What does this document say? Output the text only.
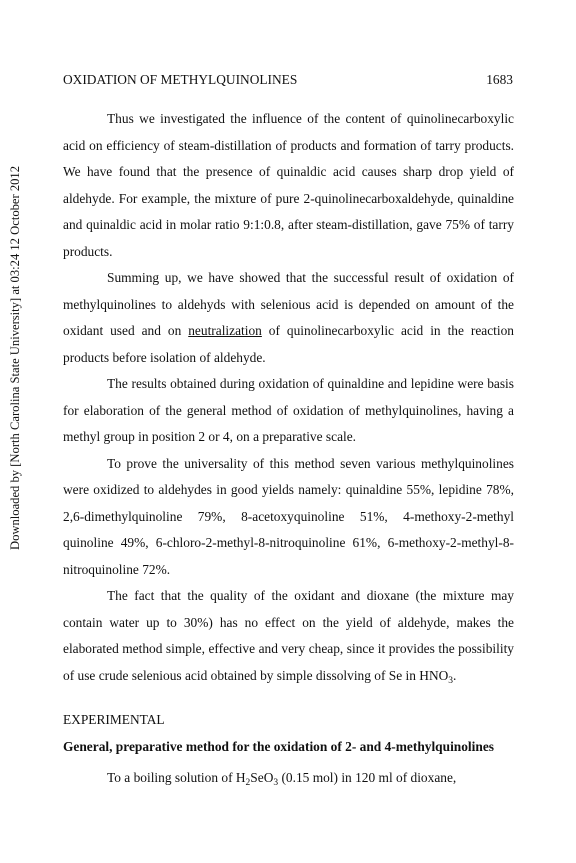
Downloaded by [North Carolina State University] at 03:24 12 October 2012
OXIDATION OF METHYLQUINOLINES	1683

Thus we investigated the influence of the content of quinolinecarboxylic acid on efficiency of steam-distillation of products and formation of tarry products. We have found that the presence of quinaldic acid causes sharp drop yield of aldehyde. For example, the mixture of pure 2-quinolinecarboxaldehyde, quinaldine and quinaldic acid in molar ratio 9:1:0.8, after steam-distillation, gave 75% of tarry products.

Summing up, we have showed that the successful result of oxidation of methylquinolines to aldehyds with selenious acid is depended on amount of the oxidant used and on neutralization of quinolinecarboxylic acid in the reaction products before isolation of aldehyde.

The results obtained during oxidation of quinaldine and lepidine were basis for elaboration of the general method of oxidation of methylquinolines, having a methyl group in position 2 or 4, on a preparative scale.

To prove the universality of this method seven various methylquinolines were oxidized to aldehydes in good yields namely: quinaldine 55%, lepidine 78%, 2,6-dimethylquinoline 79%, 8-acetoxyquinoline 51%, 4-methoxy-2-methyl quinoline 49%, 6-chloro-2-methyl-8-nitroquinoline 61%, 6-methoxy-2-methyl-8-nitroquinoline 72%.

The fact that the quality of the oxidant and dioxane (the mixture may contain water up to 30%) has no effect on the yield of aldehyde, makes the elaborated method simple, effective and very cheap, since it provides the possibility of use crude selenious acid obtained by simple dissolving of Se in $HNO_3$.

EXPERIMENTAL
General, preparative method for the oxidation of 2- and 4-methylquinolines
To a boiling solution of $H_2SeO_3$ (0.15 mol) in 120 ml of dioxane,
